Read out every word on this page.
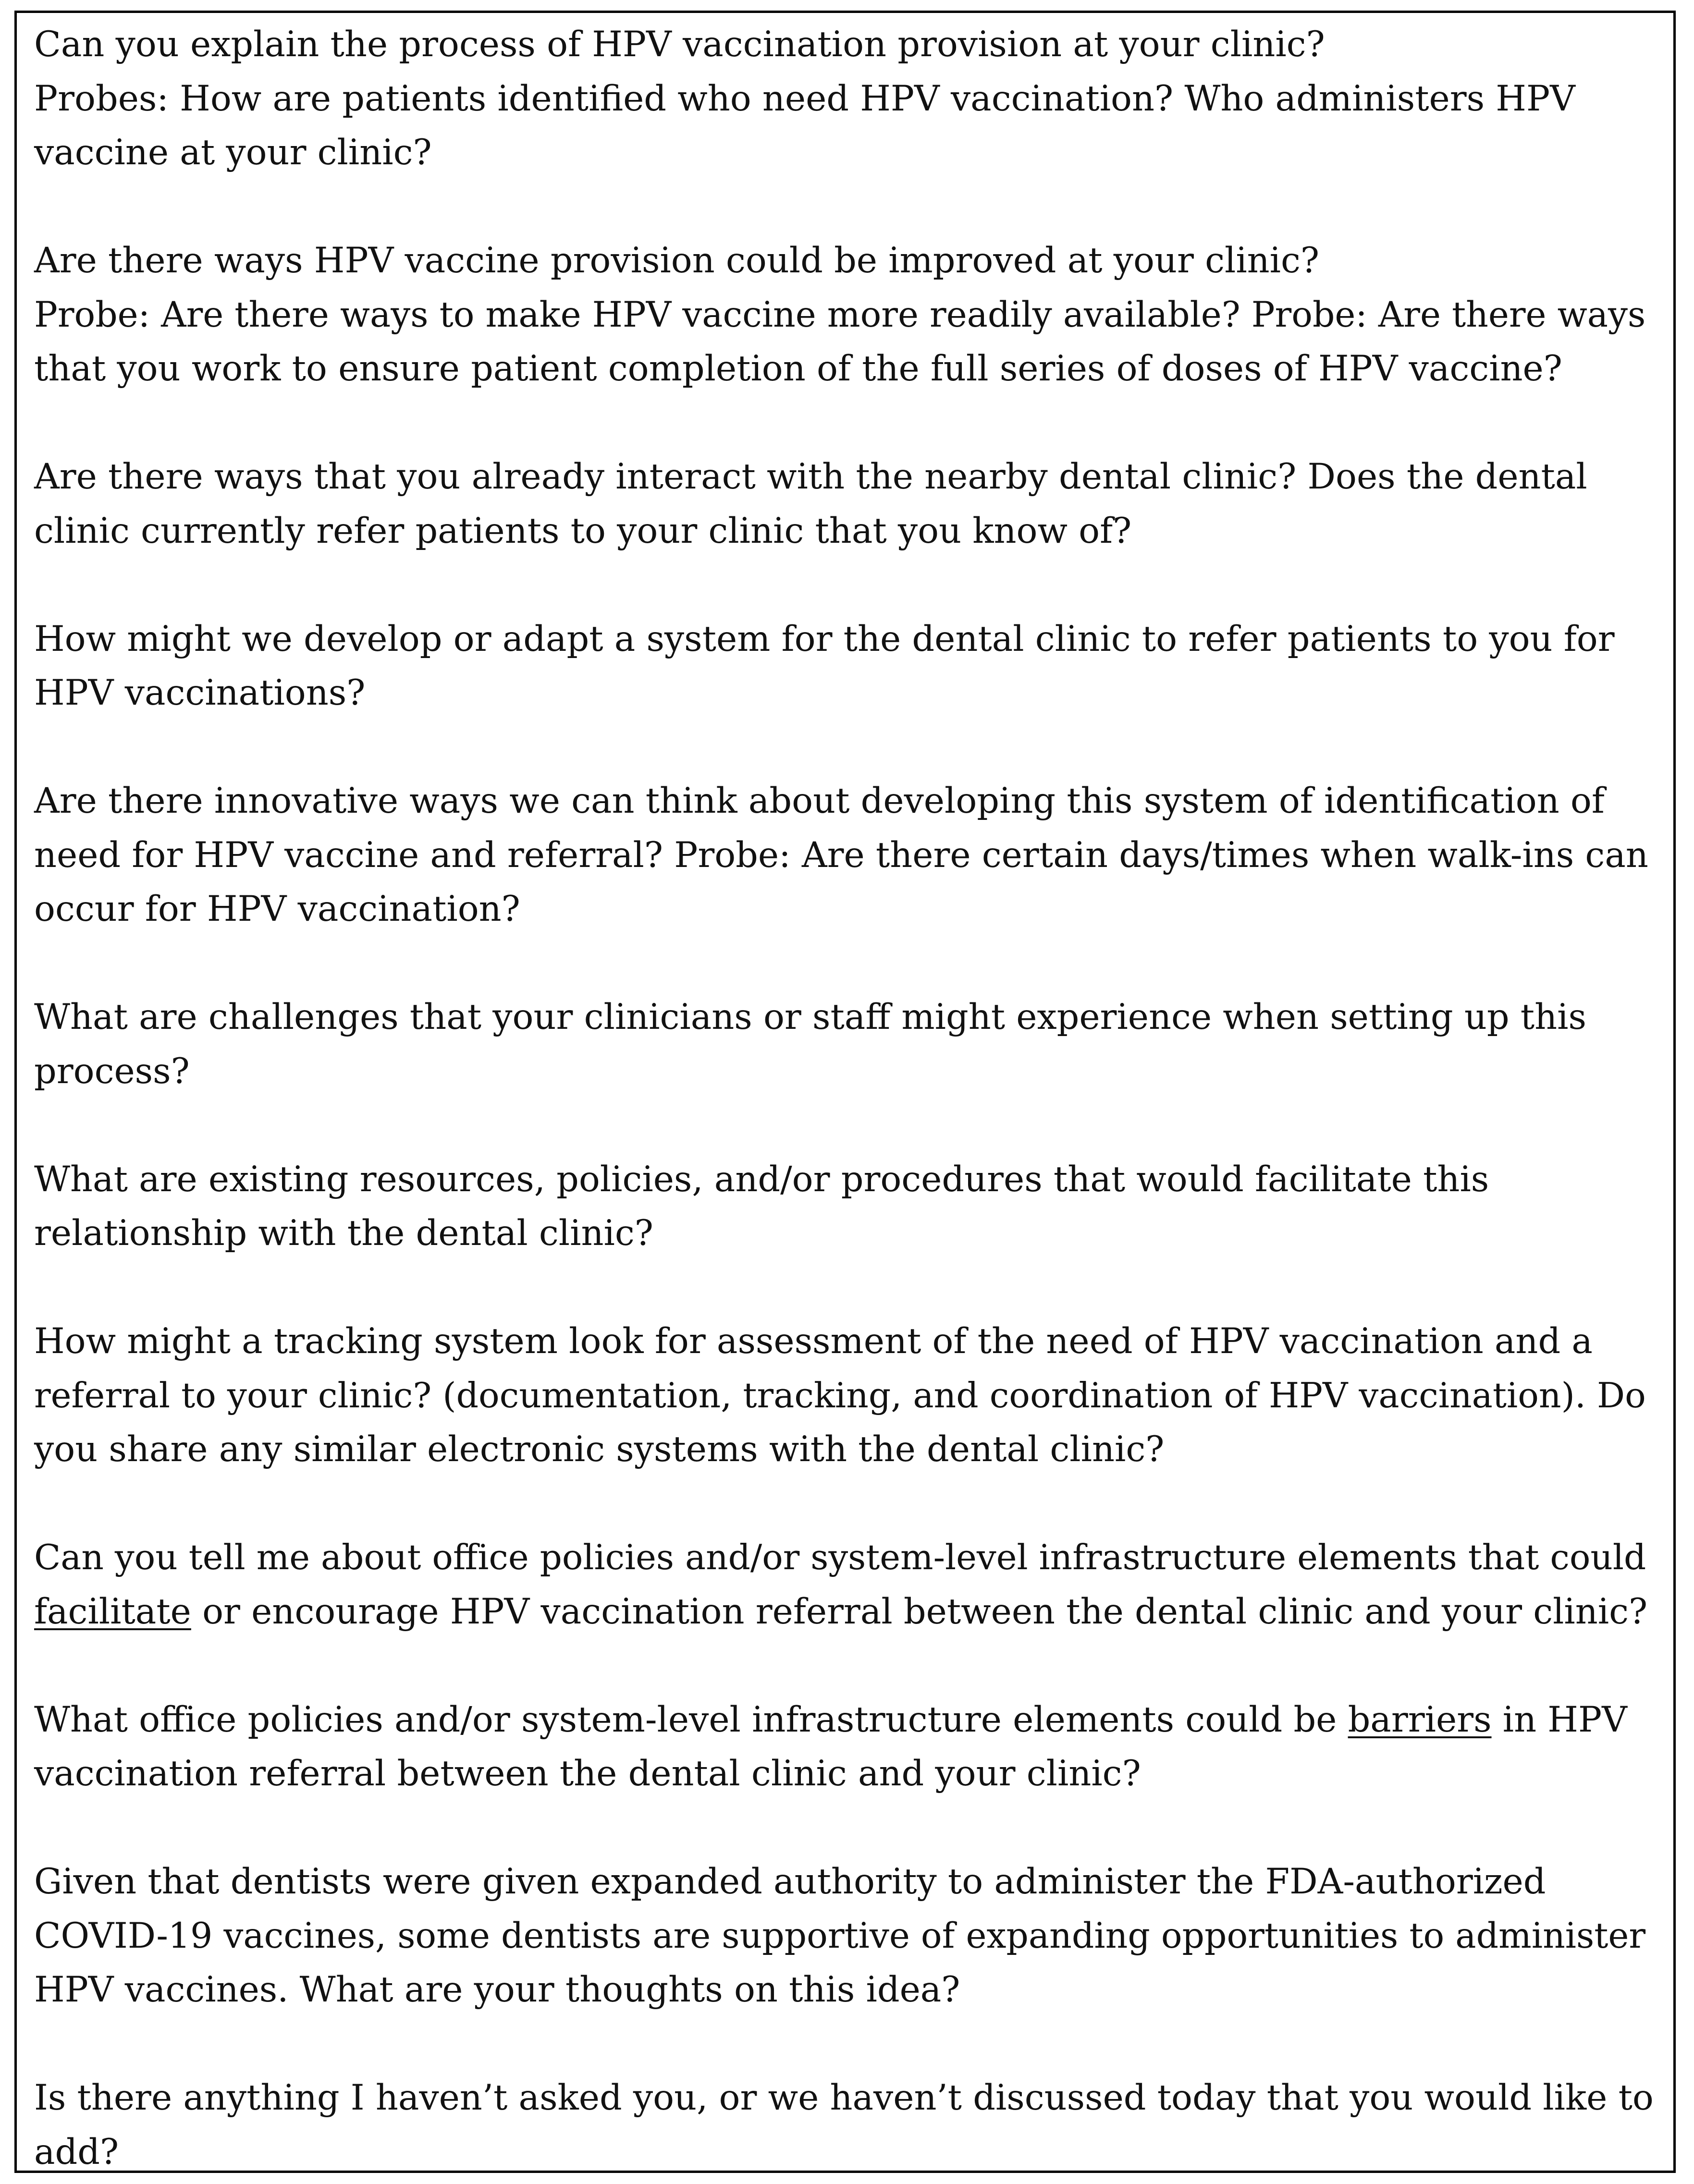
Can you explain the process of HPV vaccination provision at your clinic?
Probes: How are patients identified who need HPV vaccination? Who administers HPV
vaccine at your clinic?
Are there ways HPV vaccine provision could be improved at your clinic?
Probe: Are there ways to make HPV vaccine more readily available? Probe: Are there ways
that you work to ensure patient completion of the full series of doses of HPV vaccine?
Are there ways that you already interact with the nearby dental clinic? Does the dental
clinic currently refer patients to your clinic that you know of?
How might we develop or adapt a system for the dental clinic to refer patients to you for
HPV vaccinations?
Are there innovative ways we can think about developing this system of identification of
need for HPV vaccine and referral? Probe: Are there certain days/times when walk-ins can
occur for HPV vaccination?
What are challenges that your clinicians or staff might experience when setting up this
process?
What are existing resources, policies, and/or procedures that would facilitate this
relationship with the dental clinic?
How might a tracking system look for assessment of the need of HPV vaccination and a
referral to your clinic? (documentation, tracking, and coordination of HPV vaccination). Do
you share any similar electronic systems with the dental clinic?
Can you tell me about office policies and/or system-level infrastructure elements that could
facilitate or encourage HPV vaccination referral between the dental clinic and your clinic?
What office policies and/or system-level infrastructure elements could be barriers in HPV
vaccination referral between the dental clinic and your clinic?
Given that dentists were given expanded authority to administer the FDA-authorized
COVID-19 vaccines, some dentists are supportive of expanding opportunities to administer
HPV vaccines. What are your thoughts on this idea?
Is there anything I haven’t asked you, or we haven’t discussed today that you would like to
add?
